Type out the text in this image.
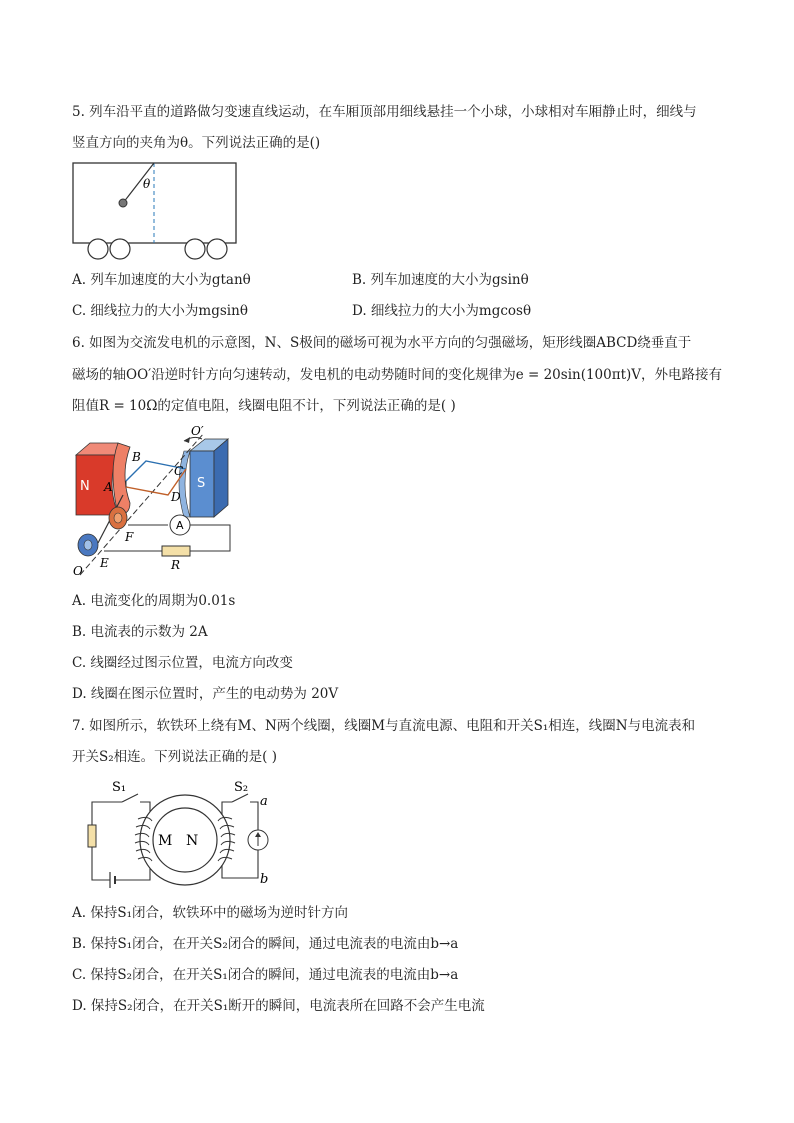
5. 列车沿平直的道路做匀变速直线运动，在车厢顶部用细线悬挂一个小球，小球相对车厢静止时，细线与
竖直方向的夹角为θ。下列说法正确的是()
θ
A. 列车加速度的大小为gtanθ	B. 列车加速度的大小为gsinθ
C. 细线拉力的大小为mgsinθ	D. 细线拉力的大小为mgcosθ
6. 如图为交流发电机的示意图，N、S极间的磁场可视为水平方向的匀强磁场，矩形线圈ABCD绕垂直于
磁场的轴OO′沿逆时针方向匀速转动，发电机的电动势随时间的变化规律为e = 20sin(100πt)V，外电路接有
阻值R = 10Ω的定值电阻，线圈电阻不计，下列说法正确的是( )
A
O′
N	S
A
B
C
D
F
E
O	R
A. 电流变化的周期为0.01s
B. 电流表的示数为 2A
C. 线圈经过图示位置，电流方向改变
D. 线圈在图示位置时，产生的电动势为 20V
7. 如图所示，软铁环上绕有M、N两个线圈，线圈M与直流电源、电阻和开关S₁相连，线圈N与电流表和
开关S₂相连。下列说法正确的是( )
M N
S₁	S₂
a
b
A. 保持S₁闭合，软铁环中的磁场为逆时针方向
B. 保持S₁闭合，在开关S₂闭合的瞬间，通过电流表的电流由b→a
C. 保持S₂闭合，在开关S₁闭合的瞬间，通过电流表的电流由b→a
D. 保持S₂闭合，在开关S₁断开的瞬间，电流表所在回路不会产生电流
